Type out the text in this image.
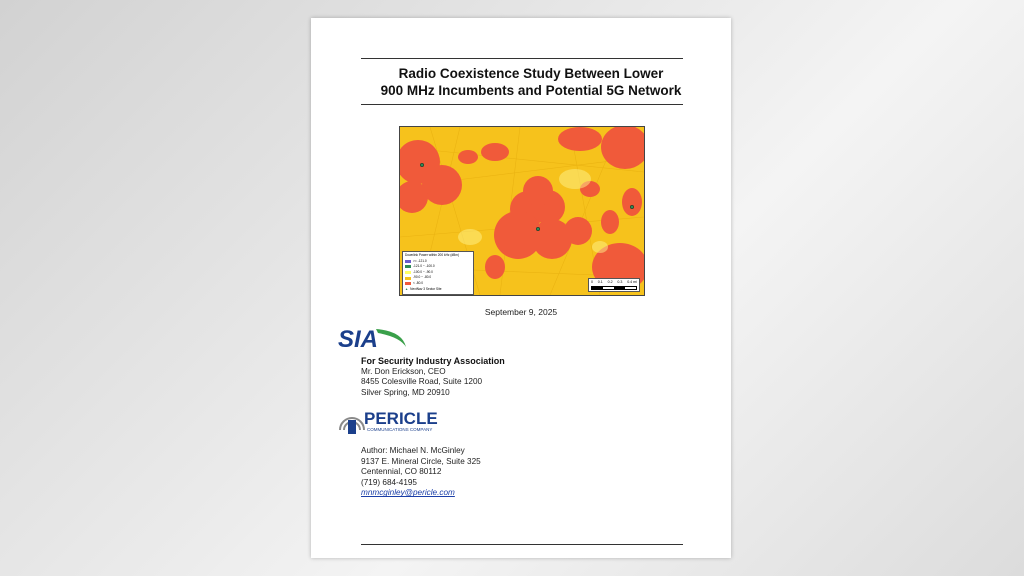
Radio Coexistence Study Between Lower
900 MHz Incumbents and Potential 5G Network
Downlink Power within 200 kHz (dBm)
>= -121.0
-121.0 ~ -100.0
-100.0 ~ -90.0
-90.0 ~ -80.0
< -80.0
▲ NextNav 3 Sector Site
0 0.1 0.2 0.3 0.4 mi
September 9, 2025
SIA
For Security Industry Association
Mr. Don Erickson, CEO
8455 Colesville Road, Suite 1200
Silver Spring, MD 20910
PERICLE
COMMUNICATIONS COMPANY
Author: Michael N. McGinley
9137 E. Mineral Circle, Suite 325
Centennial, CO 80112
(719) 684-4195
mnmcginley@pericle.com
